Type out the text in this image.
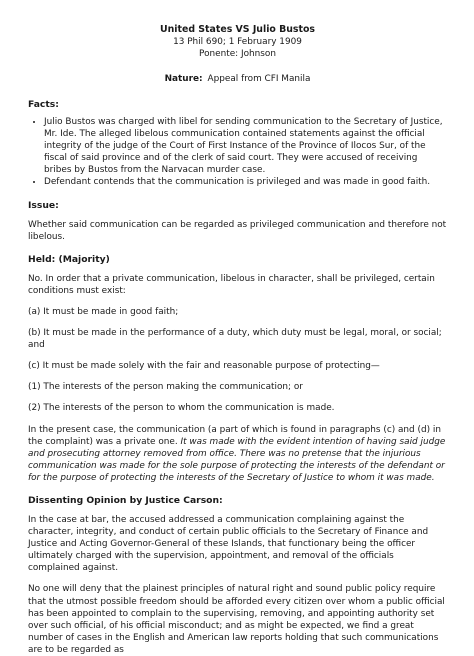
United States VS Julio Bustos
13 Phil 690; 1 February 1909
Ponente: Johnson
Nature: Appeal from CFI Manila
Facts:
• Julio Bustos was charged with libel for sending communication to the Secretary of Justice, Mr. Ide. The alleged libelous communication contained statements against the official integrity of the judge of the Court of First Instance of the Province of Ilocos Sur, of the fiscal of said province and of the clerk of said court. They were accused of receiving bribes by Bustos from the Narvacan murder case.
• Defendant contends that the communication is privileged and was made in good faith.
Issue:

Whether said communication can be regarded as privileged communication and therefore not libelous.

Held: (Majority)

No. In order that a private communication, libelous in character, shall be privileged, certain conditions must exist:

(a) It must be made in good faith;

(b) It must be made in the performance of a duty, which duty must be legal, moral, or social; and

(c) It must be made solely with the fair and reasonable purpose of protecting—

(1) The interests of the person making the communication; or

(2) The interests of the person to whom the communication is made.

In the present case, the communication (a part of which is found in paragraphs (c) and (d) in the complaint) was a private one. It was made with the evident intention of having said judge and prosecuting attorney removed from office. There was no pretense that the injurious communication was made for the sole purpose of protecting the interests of the defendant or for the purpose of protecting the interests of the Secretary of Justice to whom it was made.

Dissenting Opinion by Justice Carson:

In the case at bar, the accused addressed a communication complaining against the character, integrity, and conduct of certain public officials to the Secretary of Finance and Justice and Acting Governor-General of these Islands, that functionary being the officer ultimately charged with the supervision, appointment, and removal of the officials complained against.

No one will deny that the plainest principles of natural right and sound public policy require that the utmost possible freedom should be afforded every citizen over whom a public official has been appointed to complain to the supervising, removing, and appointing authority set over such official, of his official misconduct; and as might be expected, we find a great number of cases in the English and American law reports holding that such communications are to be regarded as
